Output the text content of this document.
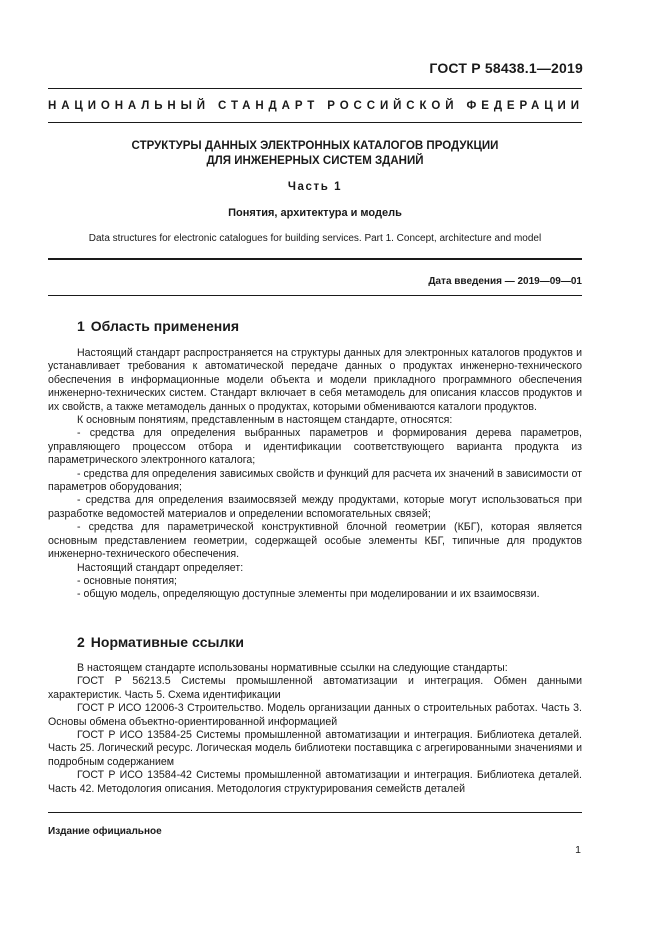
ГОСТ Р 58438.1—2019
НАЦИОНАЛЬНЫЙ СТАНДАРТ РОССИЙСКОЙ ФЕДЕРАЦИИ
СТРУКТУРЫ ДАННЫХ ЭЛЕКТРОННЫХ КАТАЛОГОВ ПРОДУКЦИИ
ДЛЯ ИНЖЕНЕРНЫХ СИСТЕМ ЗДАНИЙ
Часть 1
Понятия, архитектура и модель
Data structures for electronic catalogues for building services. Part 1. Concept, architecture and model
Дата введения — 2019—09—01
1 Область применения

Настоящий стандарт распространяется на структуры данных для электронных каталогов продуктов и устанавливает требования к автоматической передаче данных о продуктах инженерно-технического обеспечения в информационные модели объекта и модели прикладного программного обеспечения инженерно-технических систем. Стандарт включает в себя метамодель для описания классов продуктов и их свойств, а также метамодель данных о продуктах, которыми обмениваются каталоги продуктов.

К основным понятиям, представленным в настоящем стандарте, относятся:

- средства для определения выбранных параметров и формирования дерева параметров, управляющего процессом отбора и идентификации соответствующего варианта продукта из параметрического электронного каталога;

- средства для определения зависимых свойств и функций для расчета их значений в зависимости от параметров оборудования;

- средства для определения взаимосвязей между продуктами, которые могут использоваться при разработке ведомостей материалов и определении вспомогательных связей;

- средства для параметрической конструктивной блочной геометрии (КБГ), которая является основным представлением геометрии, содержащей особые элементы КБГ, типичные для продуктов инженерно-технического обеспечения.

Настоящий стандарт определяет:

- основные понятия;

- общую модель, определяющую доступные элементы при моделировании и их взаимосвязи.

2 Нормативные ссылки

В настоящем стандарте использованы нормативные ссылки на следующие стандарты:

ГОСТ Р 56213.5 Системы промышленной автоматизации и интеграция. Обмен данными характеристик. Часть 5. Схема идентификации

ГОСТ Р ИСО 12006-3 Строительство. Модель организации данных о строительных работах. Часть 3. Основы обмена объектно-ориентированной информацией

ГОСТ Р ИСО 13584-25 Системы промышленной автоматизации и интеграция. Библиотека деталей. Часть 25. Логический ресурс. Логическая модель библиотеки поставщика с агрегированными значениями и подробным содержанием

ГОСТ Р ИСО 13584-42 Системы промышленной автоматизации и интеграция. Библиотека деталей. Часть 42. Методология описания. Методология структурирования семейств деталей

Издание официальное
1
